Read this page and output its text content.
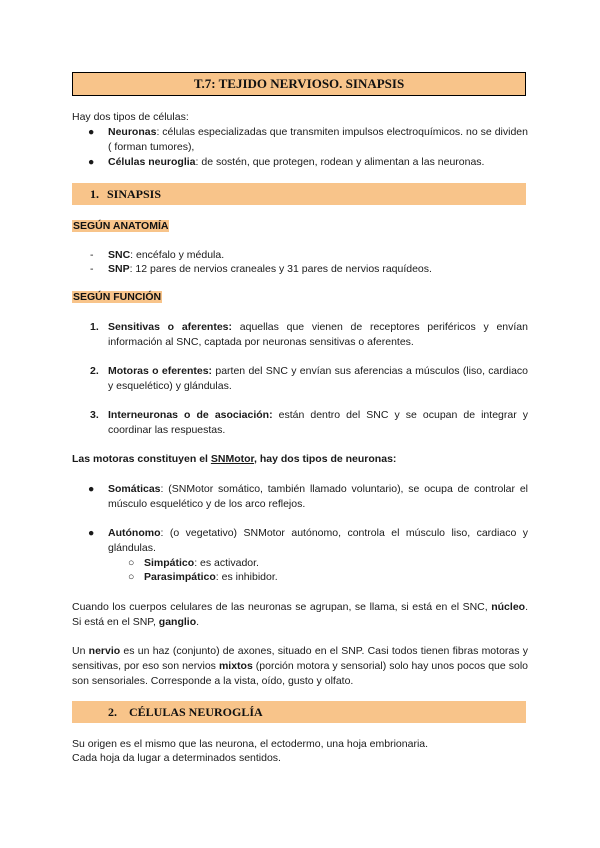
T.7: TEJIDO NERVIOSO. SINAPSIS
Hay dos tipos de células:
● Neuronas: células especializadas que transmiten impulsos electroquímicos. no se dividen ( forman tumores),
● Células neuroglia: de sostén, que protegen, rodean y alimentan a las neuronas.
1. SINAPSIS
SEGÚN ANATOMÍA
- SNC: encéfalo y médula.
- SNP: 12 pares de nervios craneales y 31 pares de nervios raquídeos.
SEGÚN FUNCIÓN
1. Sensitivas o aferentes: aquellas que vienen de receptores periféricos y envían información al SNC, captada por neuronas sensitivas o aferentes.
2. Motoras o eferentes: parten del SNC y envían sus aferencias a músculos (liso, cardiaco y esquelético) y glándulas.
3. Interneuronas o de asociación: están dentro del SNC y se ocupan de integrar y coordinar las respuestas.
Las motoras constituyen el SNMotor, hay dos tipos de neuronas:
● Somáticas: (SNMotor somático, también llamado voluntario), se ocupa de controlar el músculo esquelético y de los arco reflejos.
● Autónomo: (o vegetativo) SNMotor autónomo, controla el músculo liso, cardiaco y glándulas.
○ Simpático: es activador.
○ Parasimpático: es inhibidor.
Cuando los cuerpos celulares de las neuronas se agrupan, se llama, si está en el SNC, núcleo. Si está en el SNP, ganglio.
Un nervio es un haz (conjunto) de axones, situado en el SNP. Casi todos tienen fibras motoras y sensitivas, por eso son nervios mixtos (porción motora y sensorial) solo hay unos pocos que solo son sensoriales. Corresponde a la vista, oído, gusto y olfato.
2. CÉLULAS NEUROGLÍA
Su origen es el mismo que las neurona, el ectodermo, una hoja embrionaria.
Cada hoja da lugar a determinados sentidos.
